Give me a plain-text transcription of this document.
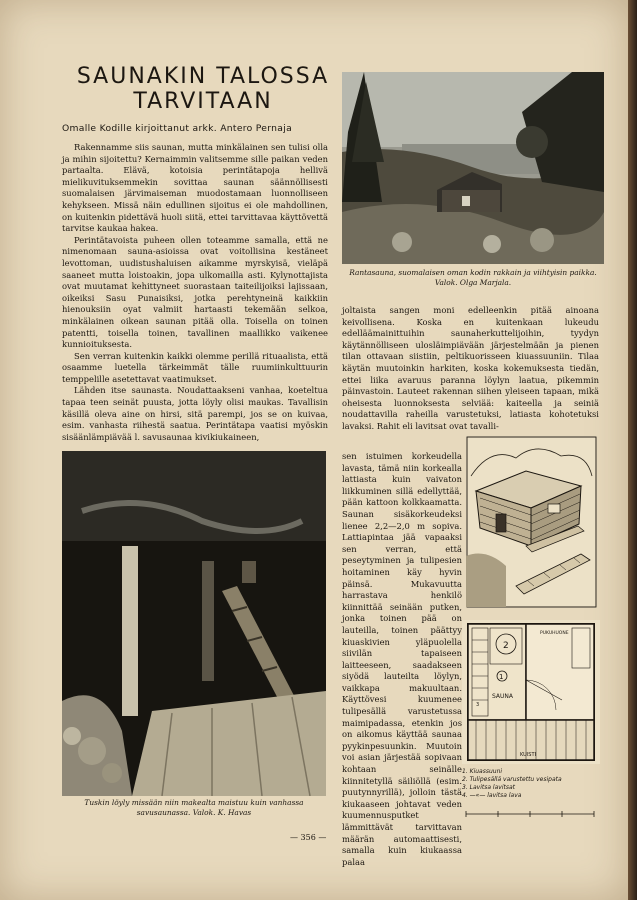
SAUNAKIN TALOSSA
TARVITAAN
Omalle Kodille kirjoittanut arkk. Antero Pernaja

Rakennamme siis saunan, mutta minkälainen sen tulisi olla ja mihin sijoitettu? Kernaimmin valitsemme sille paikan veden partaalta. Elävä, kotoisia perintätapoja hellivä mielikuvituksemmekin sovittaa saunan säännöllisesti suomalaisen järvimaiseman muodostamaan luonnolliseen kehykseen. Missä näin edullinen sijoitus ei ole mahdollinen, on kuitenkin pidettävä huoli siitä, ettei tarvittavaa käyttövettä tarvitse kaukaa hakea.

Perintätavoista puheen ollen toteamme samalla, että ne nimenomaan sauna-asioissa ovat voitollisina kestäneet levottoman, uudistushaluisen aikamme myrskyisä, vieläpä saaneet mutta loistoakin, jopa ulkomailla asti. Kylynottajista ovat muutamat kehittyneet suorastaan taiteilijoiksi lajissaan, oikeiksi Sasu Punaisiksi, jotka perehtyneinä kaikkiin hienouksiin oyat valmiit hartaasti tekemään selkoa, minkälainen oikean saunan pitää olla. Toisella on toinen patentti, toisella toinen, tavallinen maallikko vaikenee kunnioituksesta.

Sen verran kuitenkin kaikki olemme perillä rituaalista, että osaamme luetella tärkeimmät tälle ruumiinkulttuurin temppelille asetettavat vaatimukset.

Lähden itse saunasta. Noudattaakseni vanhaa, koeteltua tapaa teen seinät puusta, jotta löyly olisi maukas. Tavallisin käsillä oleva aine on hirsi, sitä parempi, jos se on kuivaa, esim. vanhasta riihestä saatua. Perintätapa vaatisi myöskin sisäänlämpiävää l. savusaunaa kivikiukaineen,

Rantasauna, suomalaisen oman kodin rakkain ja viihtyisin paikka. Valok. Olga Marjala.

joltaista sangen moni edelleenkin pitää ainoana keivollisena. Koska en kuitenkaan lukeudu edelläämainittuihin saunaherkuttelijoihin, tyydyn käytännölliseen ulosläimpiävään järjestelmään ja pienen tilan ottavaan siistiin, peltikuorisseen kiuassuuniin. Tilaa käytän muutoinkin harkiten, koska kokemuksesta tiedän, ettei liika avaruus paranna löylyn laatua, pikemmin päinvastoin. Lauteet rakennan siihen yleiseen tapaan, mikä oheisesta luonnoksesta selviää: kaiteella ja seiniä noudattavilla raheilla varustetuksi, latiasta kohotetuksi lavaksi. Rahit eli lavitsat ovat tavalli-

sen istuimen korkeudella lavasta, tämä niin korkealla lattiasta kuin vaivaton liikkuminen sillä edellyttää, pään kattoon kolkkaamatta. Saunan sisäkorkeudeksi lienee 2,2—2,0 m sopiva. Lattiapintaa jää vapaaksi sen verran, että peseytyminen ja tulipesien hoitaminen käy hyvin päinsä. Mukavuutta harrastava henkilö kiinnittää seinään putken, jonka toinen pää on lauteilla, toinen päättyy kiuaskivien yläpuolella siivilän tapaiseen laitteeseen, saadakseen siyödä lauteilta löylyn, vaikkapa makuultaan. Käyttövesi kuumenee tulipesällä varustetussa maimipadassa, etenkin jos on aikomus käyttää saunaa pyykinpesuunkin. Muutoin voi asian järjestää sopivaan kohtaan seinälle kiinnitetyllä säiliöllä (esim. puutynnyrillä), jolloin tästä kiukaaseen johtavat veden kuumennusputket lämmittävät tarvittavan määrän automaattisesti, samalla kuin kiukaassa palaa

Tuskin löyly missään niin makealta maistuu kuin vanhassa savusaunassa. Valok. K. Havas
2
1
SAUNA
3
PUKUHUONE
KUISTI
1. Kiuassuuni
2. Tulipesällä varustettu vesipata
3. Lavitsa lavitsat
4. —«— lavitsa lava
— 356 —
